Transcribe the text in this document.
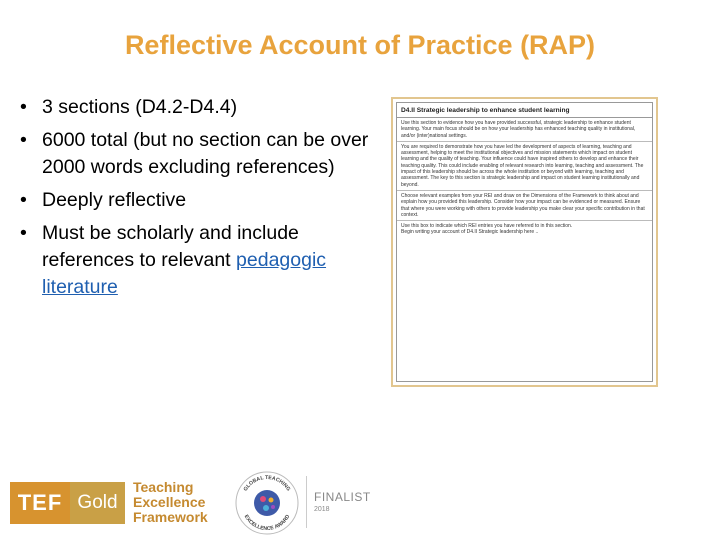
Reflective Account of Practice (RAP)
• 3 sections (D4.2-D4.4)
• 6000 total (but no section can be over 2000 words excluding references)
• Deeply reflective
• Must be scholarly and include references to relevant pedagogic literature
D4.II Strategic leadership to enhance student learning
Use this section to evidence how you have provided successful, strategic leadership to enhance student learning. Your main focus should be on how your leadership has enhanced teaching quality in institutional, and/or (inter)national settings.
You are required to demonstrate how you have led the development of aspects of learning, teaching and assessment, helping to meet the institutional objectives and mission statements which impact on student learning and the quality of teaching. Your influence could have inspired others to develop and enhance their teaching quality. This could include enabling of relevant research into learning, teaching and assessment. The impact of this leadership should be across the whole institution or beyond with learning, teaching and assessment. The key to this section is strategic leadership and impact on student learning institutionally and beyond.
Choose relevant examples from your REI and draw on the Dimensions of the Framework to think about and explain how you provided this leadership. Consider how your impact can be evidenced or measured. Ensure that where you were working with others to provide leadership you make clear your specific contribution in that context.
Use this box to indicate which REI entries you have referred to in this section.
Begin writing your account of D4.II Strategic leadership here ..
TEF Gold
Teaching
Excellence
Framework
GLOBAL TEACHING
EXCELLENCE AWARD
FINALIST
2018
